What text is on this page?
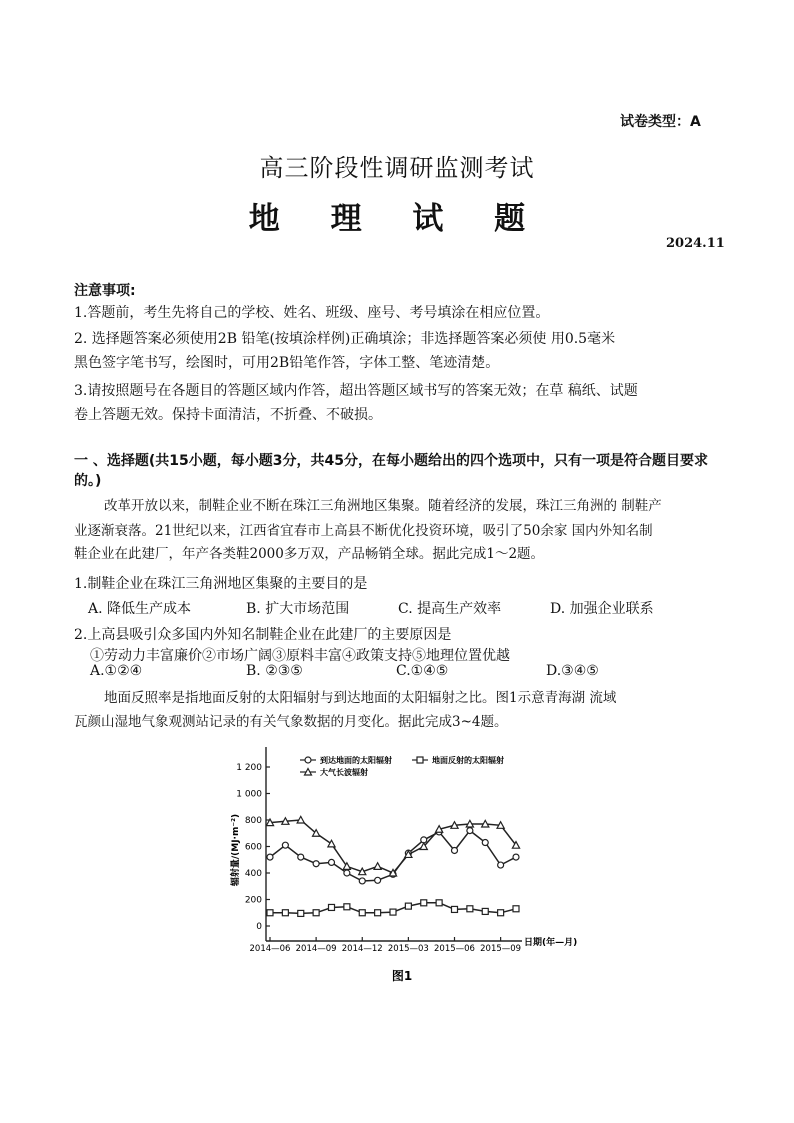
试卷类型：A
高三阶段性调研监测考试
地 理 试 题
2024.11
注意事项:
1.答题前，考生先将自己的学校、姓名、班级、座号、考号填涂在相应位置。
2. 选择题答案必须使用2B 铅笔(按填涂样例)正确填涂；非选择题答案必须使 用0.5毫米
黑色签字笔书写，绘图时，可用2B铅笔作答，字体工整、笔迹清楚。
3.请按照题号在各题目的答题区域内作答，超出答题区域书写的答案无效；在草 稿纸、试题
卷上答题无效。保持卡面清洁，不折叠、不破损。
一 、选择题(共15小题，每小题3分，共45分，在每小题给出的四个选项中，只有一项是符合题目要求的。)
改革开放以来，制鞋企业不断在珠江三角洲地区集聚。随着经济的发展，珠江三角洲的 制鞋产
业逐渐衰落。21世纪以来，江西省宜春市上高县不断优化投资环境，吸引了50余家 国内外知名制
鞋企业在此建厂，年产各类鞋2000多万双，产品畅销全球。据此完成1～2题。
1.制鞋企业在珠江三角洲地区集聚的主要目的是
A. 降低生产成本	B. 扩大市场范围	C. 提高生产效率	D. 加强企业联系
2.上高县吸引众多国内外知名制鞋企业在此建厂的主要原因是
①劳动力丰富廉价②市场广阔③原料丰富④政策支持⑤地理位置优越
A.①②④	B. ②③⑤	C.①④⑤	D.③④⑤
地面反照率是指地面反射的太阳辐射与到达地面的太阳辐射之比。图1示意青海湖 流域
瓦颜山湿地气象观测站记录的有关气象数据的月变化。据此完成3~4题。
辐射量/(MJ·m⁻²)
日期(年—月)
图1
到达地面的太阳辐射	地面反射的太阳辐射
大气长波辐射
0
200
400
600
800
1 000
1 200
2014—06 2014—09 2014—12 2015—03 2015—06 2015—09
